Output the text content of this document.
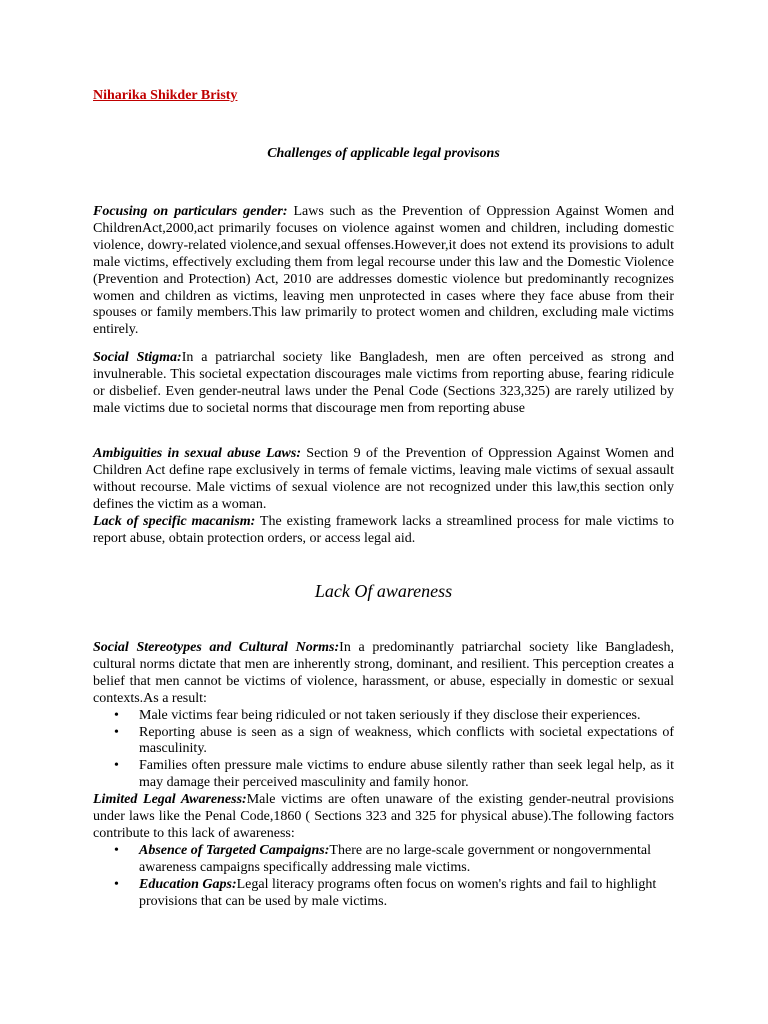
Niharika Shikder Bristy
Challenges of applicable legal provisons
Focusing on particulars gender: Laws such as the Prevention of Oppression Against Women and ChildrenAct,2000,act primarily focuses on violence against women and children, including domestic violence, dowry-related violence,and sexual offenses.However,it does not extend its provisions to adult male victims, effectively excluding them from legal recourse under this law and the Domestic Violence (Prevention and Protection) Act, 2010 are addresses domestic violence but predominantly recognizes women and children as victims, leaving men unprotected in cases where they face abuse from their spouses or family members.This law primarily to protect women and children, excluding male victims entirely.
Social Stigma:In a patriarchal society like Bangladesh, men are often perceived as strong and invulnerable. This societal expectation discourages male victims from reporting abuse, fearing ridicule or disbelief. Even gender-neutral laws under the Penal Code (Sections 323,325) are rarely utilized by male victims due to societal norms that discourage men from reporting abuse
Ambiguities in sexual abuse Laws: Section 9 of the Prevention of Oppression Against Women and Children Act define rape exclusively in terms of female victims, leaving male victims of sexual assault without recourse. Male victims of sexual violence are not recognized under this law,this section only defines the victim as a woman.
Lack of specific macanism: The existing framework lacks a streamlined process for male victims to report abuse, obtain protection orders, or access legal aid.
Lack Of awareness
Social Stereotypes and Cultural Norms:In a predominantly patriarchal society like Bangladesh, cultural norms dictate that men are inherently strong, dominant, and resilient. This perception creates a belief that men cannot be victims of violence, harassment, or abuse, especially in domestic or sexual contexts.As a result:
• Male victims fear being ridiculed or not taken seriously if they disclose their experiences.
• Reporting abuse is seen as a sign of weakness, which conflicts with societal expectations of masculinity.
• Families often pressure male victims to endure abuse silently rather than seek legal help, as it may damage their perceived masculinity and family honor.
Limited Legal Awareness:Male victims are often unaware of the existing gender-neutral provisions under laws like the Penal Code,1860 ( Sections 323 and 325 for physical abuse).The following factors contribute to this lack of awareness:
• Absence of Targeted Campaigns:There are no large-scale government or nongovernmental awareness campaigns specifically addressing male victims.
• Education Gaps:Legal literacy programs often focus on women's rights and fail to highlight provisions that can be used by male victims.
